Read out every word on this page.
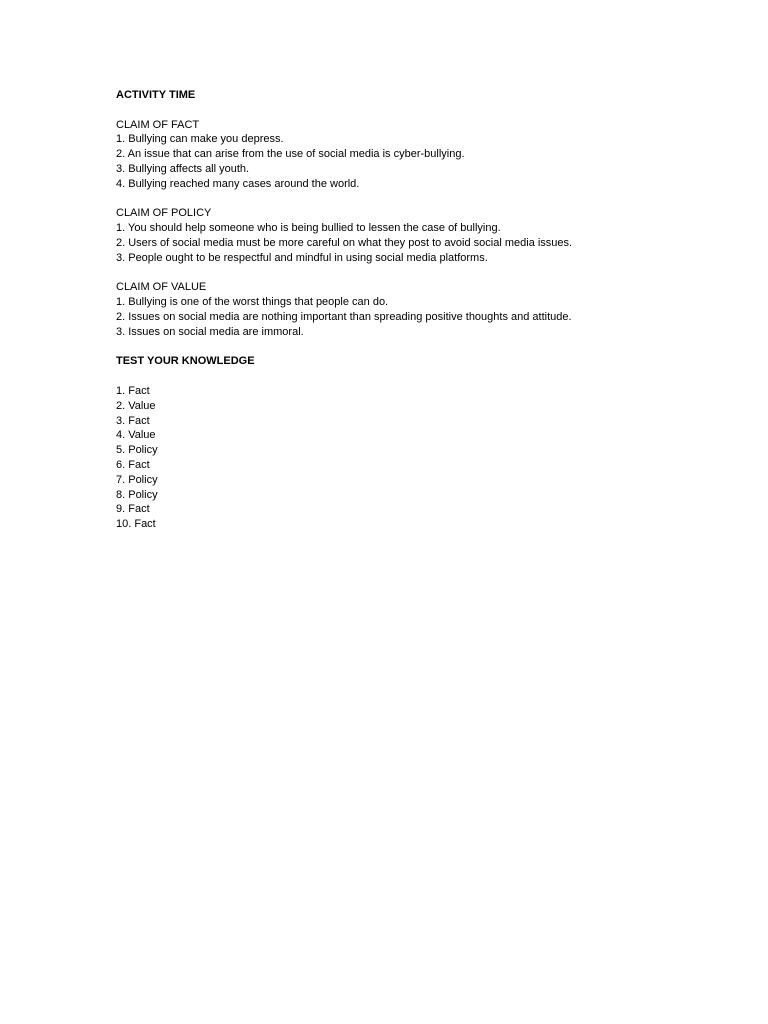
ACTIVITY TIME
CLAIM OF FACT
1. Bullying can make you depress.
2. An issue that can arise from the use of social media is cyber-bullying.
3. Bullying affects all youth.
4. Bullying reached many cases around the world.
CLAIM OF POLICY
1. You should help someone who is being bullied to lessen the case of bullying.
2. Users of social media must be more careful on what they post to avoid social media issues.
3. People ought to be respectful and mindful in using social media platforms.
CLAIM OF VALUE
1. Bullying is one of the worst things that people can do.
2. Issues on social media are nothing important than spreading positive thoughts and attitude.
3. Issues on social media are immoral.
TEST YOUR KNOWLEDGE
1. Fact
2. Value
3. Fact
4. Value
5. Policy
6. Fact
7. Policy
8. Policy
9. Fact
10. Fact
